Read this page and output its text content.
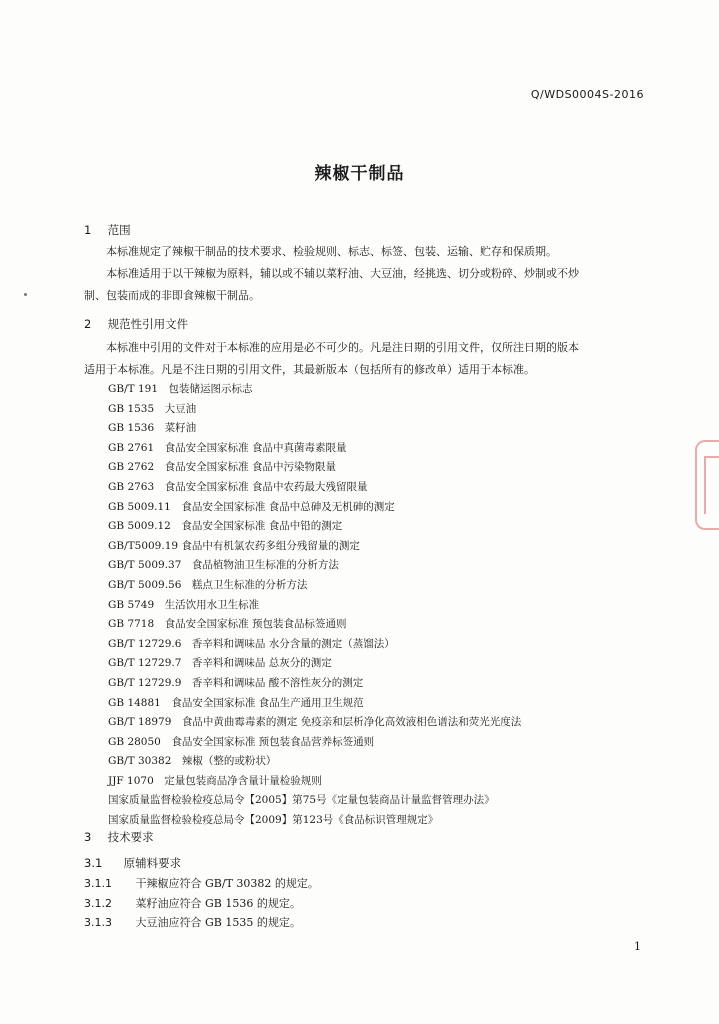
Q/WDS0004S-2016
辣椒干制品
1 范围
本标准规定了辣椒干制品的技术要求、检验规则、标志、标签、包装、运输、贮存和保质期。
本标准适用于以干辣椒为原料，辅以或不辅以菜籽油、大豆油，经挑选、切分或粉碎、炒制或不炒
制、包装而成的非即食辣椒干制品。
2 规范性引用文件
本标准中引用的文件对于本标准的应用是必不可少的。凡是注日期的引用文件，仅所注日期的版本
适用于本标准。凡是不注日期的引用文件，其最新版本（包括所有的修改单）适用于本标准。
GB/T 191　包装储运图示标志
GB 1535　大豆油
GB 1536　菜籽油
GB 2761　食品安全国家标准 食品中真菌毒素限量
GB 2762　食品安全国家标准 食品中污染物限量
GB 2763　食品安全国家标准 食品中农药最大残留限量
GB 5009.11　食品安全国家标准 食品中总砷及无机砷的测定
GB 5009.12　食品安全国家标准 食品中铅的测定
GB/T5009.19 食品中有机氯农药多组分残留量的测定
GB/T 5009.37　食品植物油卫生标准的分析方法
GB/T 5009.56　糕点卫生标准的分析方法
GB 5749　生活饮用水卫生标准
GB 7718　食品安全国家标准 预包装食品标签通则
GB/T 12729.6　香辛料和调味品 水分含量的测定（蒸馏法）
GB/T 12729.7　香辛料和调味品 总灰分的测定
GB/T 12729.9　香辛料和调味品 酸不溶性灰分的测定
GB 14881　食品安全国家标准 食品生产通用卫生规范
GB/T 18979　食品中黄曲霉毒素的测定 免疫亲和层析净化高效液相色谱法和荧光光度法
GB 28050　食品安全国家标准 预包装食品营养标签通则
GB/T 30382　辣椒（整的或粉状）
JJF 1070　定量包装商品净含量计量检验规则
国家质量监督检验检疫总局令【2005】第75号《定量包装商品计量监督管理办法》
国家质量监督检验检疫总局令【2009】第123号《食品标识管理规定》
3 技术要求
3.1 原辅料要求
3.1.1 干辣椒应符合 GB/T 30382 的规定。
3.1.2 菜籽油应符合 GB 1536 的规定。
3.1.3 大豆油应符合 GB 1535 的规定。
1
